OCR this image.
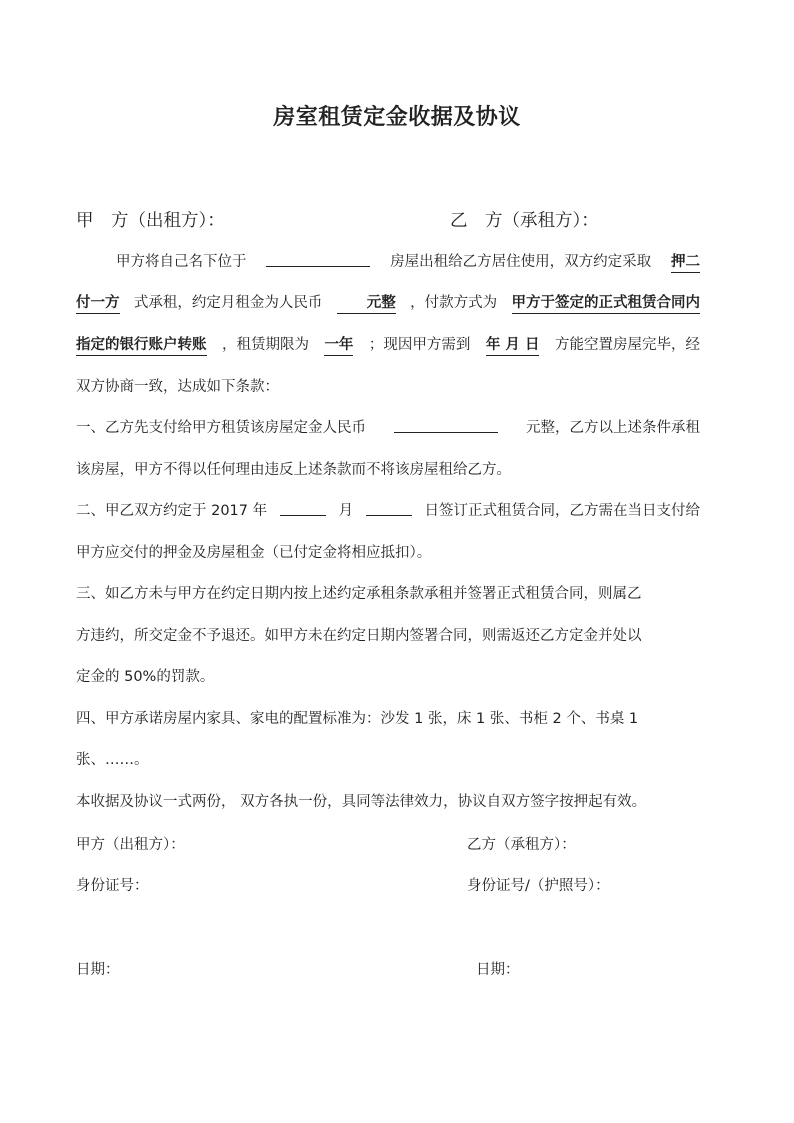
房室租赁定金收据及协议
甲　方（出租方）：	乙　方（承租方）：
甲方将自己名下位于	房屋出租给乙方居住使用，双方约定采取 押二
付一方 式承租，约定月租金为人民币	元整 ，付款方式为 甲方于签定的正式租赁合同内
指定的银行账户转账 ，租赁期限为 一年 ；现因甲方需到 年 月 日 方能空置房屋完毕，经
双方协商一致，达成如下条款：
一、乙方先支付给甲方租赁该房屋定金人民币	元整，乙方以上述条件承租
该房屋，甲方不得以任何理由违反上述条款而不将该房屋租给乙方。
二、甲乙双方约定于 2017 年	月	日签订正式租赁合同，乙方需在当日支付给
甲方应交付的押金及房屋租金（已付定金将相应抵扣）。
三、如乙方未与甲方在约定日期内按上述约定承租条款承租并签署正式租赁合同，则属乙
方违约，所交定金不予退还。如甲方未在约定日期内签署合同，则需返还乙方定金并处以
定金的 50%的罚款。
四、甲方承诺房屋内家具、家电的配置标准为：沙发 1 张，床 1 张、书柜 2 个、书桌 1
张、……。
本收据及协议一式两份， 双方各执一份，具同等法律效力，协议自双方签字按押起有效。
甲方（出租方）：	乙方（承租方）：
身份证号：	身份证号/（护照号）：
日期：	日期：
